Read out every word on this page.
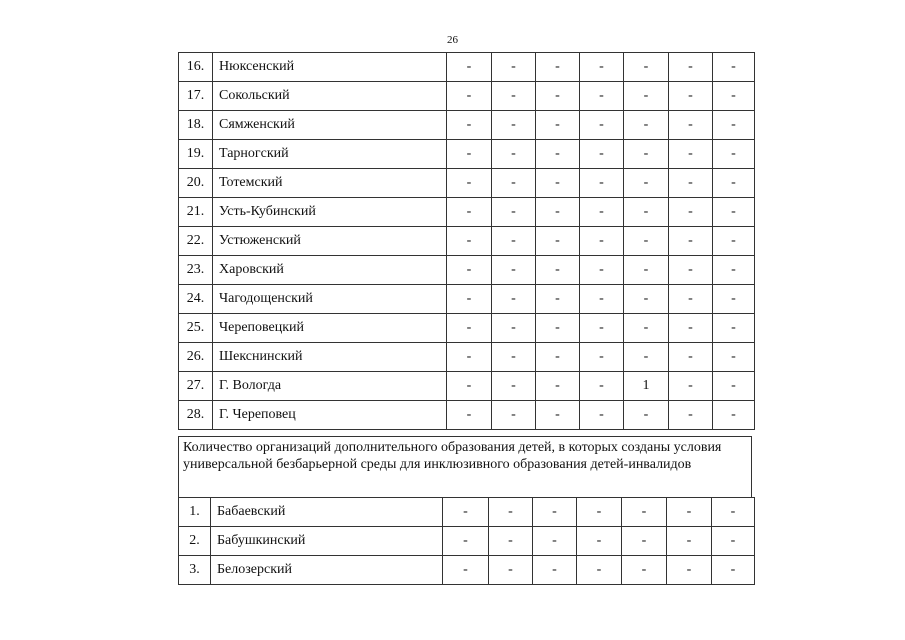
26
16.	Нюксенский	-	-	-	-	-	-	-
17.	Сокольский	-	-	-	-	-	-	-
18.	Сямженский	-	-	-	-	-	-	-
19.	Тарногский	-	-	-	-	-	-	-
20.	Тотемский	-	-	-	-	-	-	-
21.	Усть-Кубинский	-	-	-	-	-	-	-
22.	Устюженский	-	-	-	-	-	-	-
23.	Харовский	-	-	-	-	-	-	-
24.	Чагодощенский	-	-	-	-	-	-	-
25.	Череповецкий	-	-	-	-	-	-	-
26.	Шекснинский	-	-	-	-	-	-	-
27.	Г. Вологда	-	-	-	-	1	-	-
28.	Г. Череповец	-	-	-	-	-	-	-
Количество организаций дополнительного образования детей, в которых созданы условия универсальной безбарьерной среды для инклюзивного образования детей-инвалидов
1.	Бабаевский	-	-	-	-	-	-	-
2.	Бабушкинский	-	-	-	-	-	-	-
3.	Белозерский	-	-	-	-	-	-	-
